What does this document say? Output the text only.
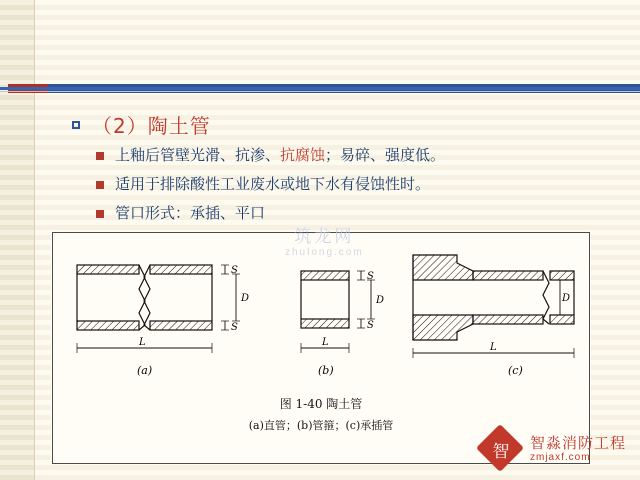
（2）陶土管
上釉后管壁光滑、抗渗、抗腐蚀；易碎、强度低。
适用于排除酸性工业废水或地下水有侵蚀性时。
管口形式：承插、平口
S
D
S
L
(a)
S
D
S
L
(b)
D
L
(c)
图 1-40 陶土管
(a)直管；(b)管箍；(c)承插管
筑龙网
zhulong.com
智	智淼消防工程
zmjaxf.com
